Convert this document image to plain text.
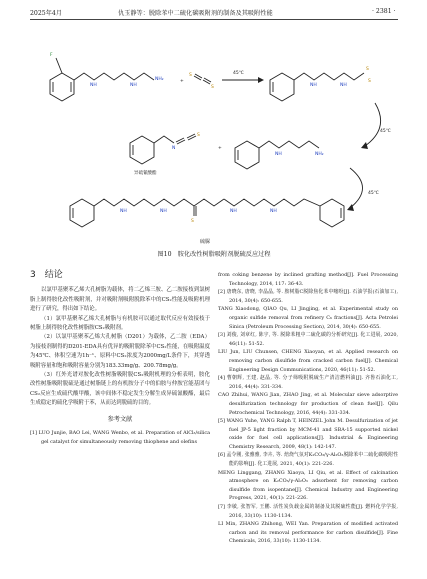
2025年4月	仇玉静等：脱除苯中二硫化碳吸附剂的制备及其吸附性能	· 2381 ·
F
NH	NH
NH₂	+
S
S
45℃
NH	NH
S
S
45℃
N
S
异硫氰酸酯
+
NH	NH₂
45℃
S
NH	NH	NH	NH
硫脲
图10　胺化改性树脂吸附剂脱硫反应过程

3　结论

以氯甲基聚苯乙烯大孔树脂为载体，将二乙烯三胺、乙二胺接枝到氯树脂上制得胺化改性吸附剂，并对吸附剂吸附脱除苯中的CS₂性能及吸附机理进行了研究，得出如下结论。

（1）氯甲基聚苯乙烯大孔树脂与有机胺可以通过取代反应有效接枝于树脂上制得胺化改性树脂胺CS₂吸附剂。

（2）以氯甲基聚苯乙烯大孔树脂（D201）为载体，乙二胺（EDA）为接枝剂制得的D201-EDA具有优异的吸附脱除苯中CS₂性能，在吸附温度为45℃、体积空速为1h⁻¹、原料中CS₂浓度为2000mg/L条件下，其穿透吸附容量和饱和吸附容量分别为183.33mg/g、200.78mg/g。

（3）红外光谱对胺化改性树脂吸附脱CS₂吸附机理的分析表明，胺化改性树脂吸附脱硫是通过树脂链上的有机胺分子中的伯胺与仲胺官能基团与CS₂反应生成硫代酸甲酸，该中间体不稳定发生分解生成异硫氰酸酯，最后生成稳定的硫化学吸附于苯，从而达到脱硫的目的。

参考文献

[1] LUO Junjie, BAO Lei, WANG Wenbo, et al. Preparation of AlCl₃/silica gel catalyst for simultaneously removing thiophene and olefins

from coking benzene by inclined grafting method[J]. Fuel Processing Technology, 2014, 117: 36-43.

[2] 唐晓东, 唐晓, 李晶晶, 等. 胺树脂C脱除焦化苯中噻吩[J]. 石油学报(石油加工), 2014, 30(4): 650-655.

TANG Xiaodong, QIAO Qu, LI Jingjing, et al. Experimental study on organic sulfide removal from refinery C₆ fractions[J]. Acta Petrolei Sinica (Petroleum Processing Section), 2014, 30(4): 650-655.

[3] 刘俊, 刘章红, 陈宇, 等. 脱除苯粗中二硫化碳的分析研究[J]. 化工进展, 2020, 46(11): 51-52.

LIU Jun, LIU Chunsen, CHENG Xiaoyan, et al. Applied research on removing carbon disulfide from cracked carbon fuel[J]. Chemical Engineering Design Communications, 2020, 46(11): 51-52.

[4] 曹朝辉, 王建, 赵晶, 等. 分子筛吸附脱硫生产清洁燃料油[J]. 齐鲁石油化工, 2016, 44(4): 331-334.

CAO Zhihui, WANG Jian, ZHAO Jing, et al. Molecular sieve adsorptive desulfurization technology for production of clean fuel[J]. Qilu Petrochemical Technology, 2016, 44(4): 331-334.

[5] WANG Yuhe, YANG Ralph T, HEINZEL John M. Desulfurization of jet fuel JP-5 light fraction by MCM-41 and SBA-15 supported nickel oxide for fuel cell applications[J]. Industrial & Engineering Chemistry Research, 2009, 48(1): 142-147.

[6] 孟令刚, 张雅雅, 李卉, 等. 焙烧气氛对K₂CO₃/γ-Al₂O₃脱除苯中二硫化碳吸附性能的影响[J]. 化工进展, 2021, 40(1): 221-226.

MENG Linggang, ZHANG Xiaoya, LI Qiu, et al. Effect of calcination atmosphere on K₂CO₃/γ-Al₂O₃ adsorbent for removing carbon disulfide from isopentane[J]. Chemical Industry and Engineering Progress, 2021, 40(1): 221-226.

[7] 李敏, 张智军, 王鹏. 活性炭负载金属的制备及其脱硫性能[J]. 燃料化学学报, 2016, 33(10): 1130-1134.

LI Min, ZHANG Zhihong, WEI Yan. Preparation of modified activated carbon and its removal performance for carbon disulfide[J]. Fine Chemicals, 2016, 33(10): 1130-1134.
